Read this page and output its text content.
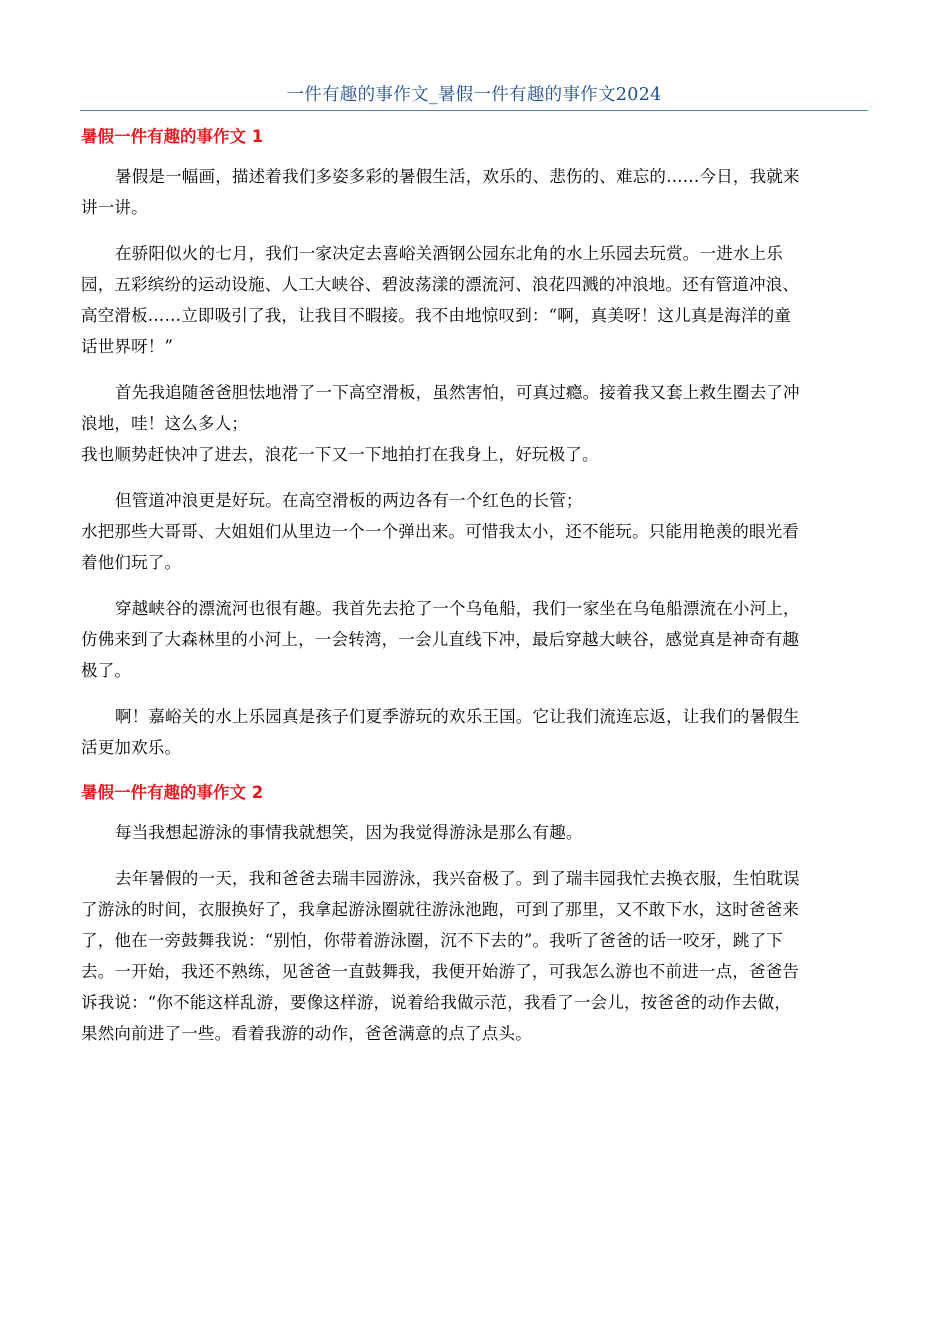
一件有趣的事作文_暑假一件有趣的事作文2024
暑假一件有趣的事作文 1
暑假是一幅画，描述着我们多姿多彩的暑假生活，欢乐的、悲伤的、难忘的……今日，我就来
讲一讲。
在骄阳似火的七月，我们一家决定去喜峪关酒钢公园东北角的水上乐园去玩赏。一进水上乐
园，五彩缤纷的运动设施、人工大峡谷、碧波荡漾的漂流河、浪花四溅的冲浪地。还有管道冲浪、
高空滑板……立即吸引了我，让我目不暇接。我不由地惊叹到：“啊，真美呀！这儿真是海洋的童
话世界呀！”
首先我追随爸爸胆怯地滑了一下高空滑板，虽然害怕，可真过瘾。接着我又套上救生圈去了冲
浪地，哇！这么多人；
我也顺势赶快冲了进去，浪花一下又一下地拍打在我身上，好玩极了。
但管道冲浪更是好玩。在高空滑板的两边各有一个红色的长管；
水把那些大哥哥、大姐姐们从里边一个一个弹出来。可惜我太小，还不能玩。只能用艳羡的眼光看
着他们玩了。
穿越峡谷的漂流河也很有趣。我首先去抢了一个乌龟船，我们一家坐在乌龟船漂流在小河上，
仿佛来到了大森林里的小河上，一会转湾，一会儿直线下冲，最后穿越大峡谷，感觉真是神奇有趣
极了。
啊！嘉峪关的水上乐园真是孩子们夏季游玩的欢乐王国。它让我们流连忘返，让我们的暑假生
活更加欢乐。
暑假一件有趣的事作文 2
每当我想起游泳的事情我就想笑，因为我觉得游泳是那么有趣。
去年暑假的一天，我和爸爸去瑞丰园游泳，我兴奋极了。到了瑞丰园我忙去换衣服，生怕耽误
了游泳的时间，衣服换好了，我拿起游泳圈就往游泳池跑，可到了那里，又不敢下水，这时爸爸来
了，他在一旁鼓舞我说：“别怕，你带着游泳圈，沉不下去的”。我听了爸爸的话一咬牙，跳了下
去。一开始，我还不熟练，见爸爸一直鼓舞我，我便开始游了，可我怎么游也不前进一点，爸爸告
诉我说：“你不能这样乱游，要像这样游，说着给我做示范，我看了一会儿，按爸爸的动作去做，
果然向前进了一些。看着我游的动作，爸爸满意的点了点头。
